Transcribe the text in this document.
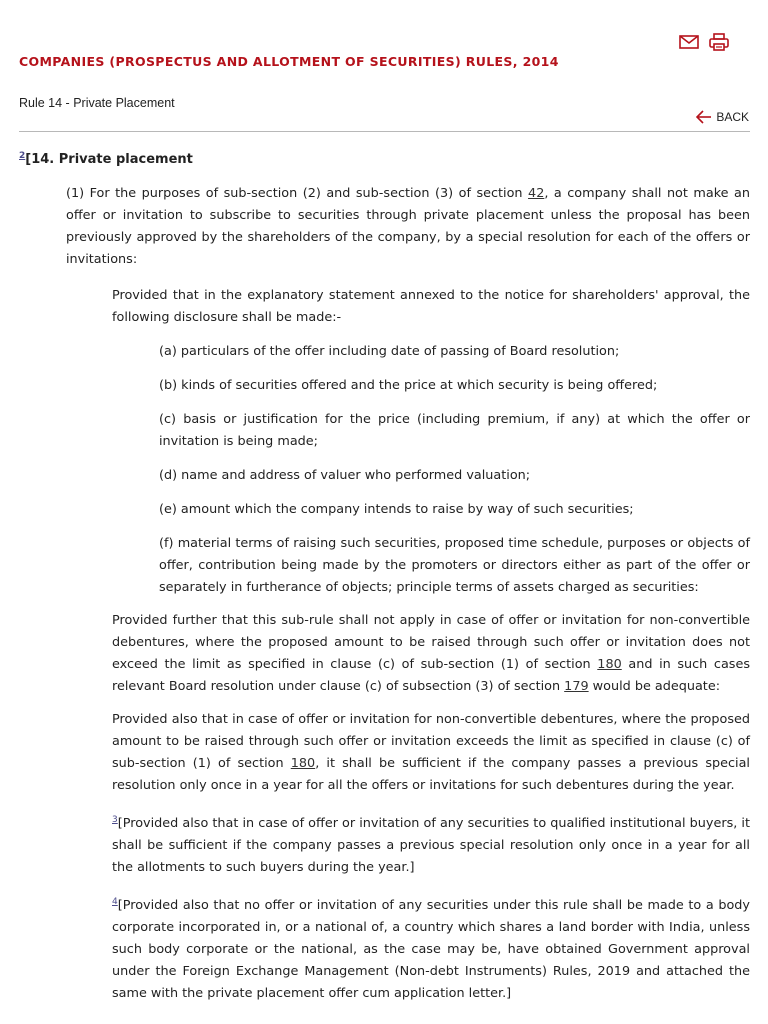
COMPANIES (PROSPECTUS AND ALLOTMENT OF SECURITIES) RULES, 2014
Rule 14 - Private Placement
BACK

$^2$[14. Private placement

(1) For the purposes of sub-section (2) and sub-section (3) of section 42, a company shall not make an offer or invitation to subscribe to securities through private placement unless the proposal has been previously approved by the shareholders of the company, by a special resolution for each of the offers or invitations:

Provided that in the explanatory statement annexed to the notice for shareholders' approval, the following disclosure shall be made:-

(a) particulars of the offer including date of passing of Board resolution;

(b) kinds of securities offered and the price at which security is being offered;

(c) basis or justification for the price (including premium, if any) at which the offer or invitation is being made;

(d) name and address of valuer who performed valuation;

(e) amount which the company intends to raise by way of such securities;

(f) material terms of raising such securities, proposed time schedule, purposes or objects of offer, contribution being made by the promoters or directors either as part of the offer or separately in furtherance of objects; principle terms of assets charged as securities:

Provided further that this sub-rule shall not apply in case of offer or invitation for non-convertible debentures, where the proposed amount to be raised through such offer or invitation does not exceed the limit as specified in clause (c) of sub-section (1) of section 180 and in such cases relevant Board resolution under clause (c) of subsection (3) of section 179 would be adequate:

Provided also that in case of offer or invitation for non-convertible debentures, where the proposed amount to be raised through such offer or invitation exceeds the limit as specified in clause (c) of sub-section (1) of section 180, it shall be sufficient if the company passes a previous special resolution only once in a year for all the offers or invitations for such debentures during the year.

$^3$[Provided also that in case of offer or invitation of any securities to qualified institutional buyers, it shall be sufficient if the company passes a previous special resolution only once in a year for all the allotments to such buyers during the year.]

$^4$[Provided also that no offer or invitation of any securities under this rule shall be made to a body corporate incorporated in, or a national of, a country which shares a land border with India, unless such body corporate or the national, as the case may be, have obtained Government approval under the Foreign Exchange Management (Non-debt Instruments) Rules, 2019 and attached the same with the private placement offer cum application letter.]
